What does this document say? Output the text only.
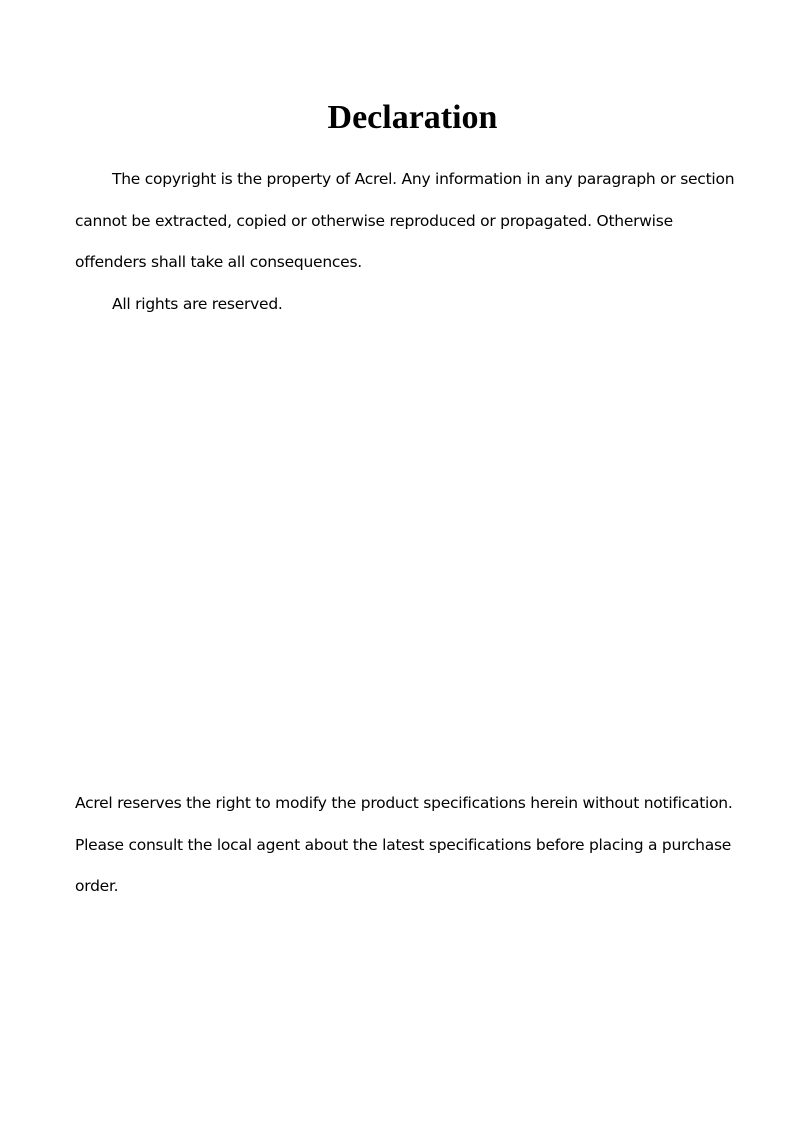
Declaration

The copyright is the property of Acrel. Any information in any paragraph or section cannot be extracted, copied or otherwise reproduced or propagated. Otherwise offenders shall take all consequences.

All rights are reserved.

Acrel reserves the right to modify the product specifications herein without notification. Please consult the local agent about the latest specifications before placing a purchase order.
